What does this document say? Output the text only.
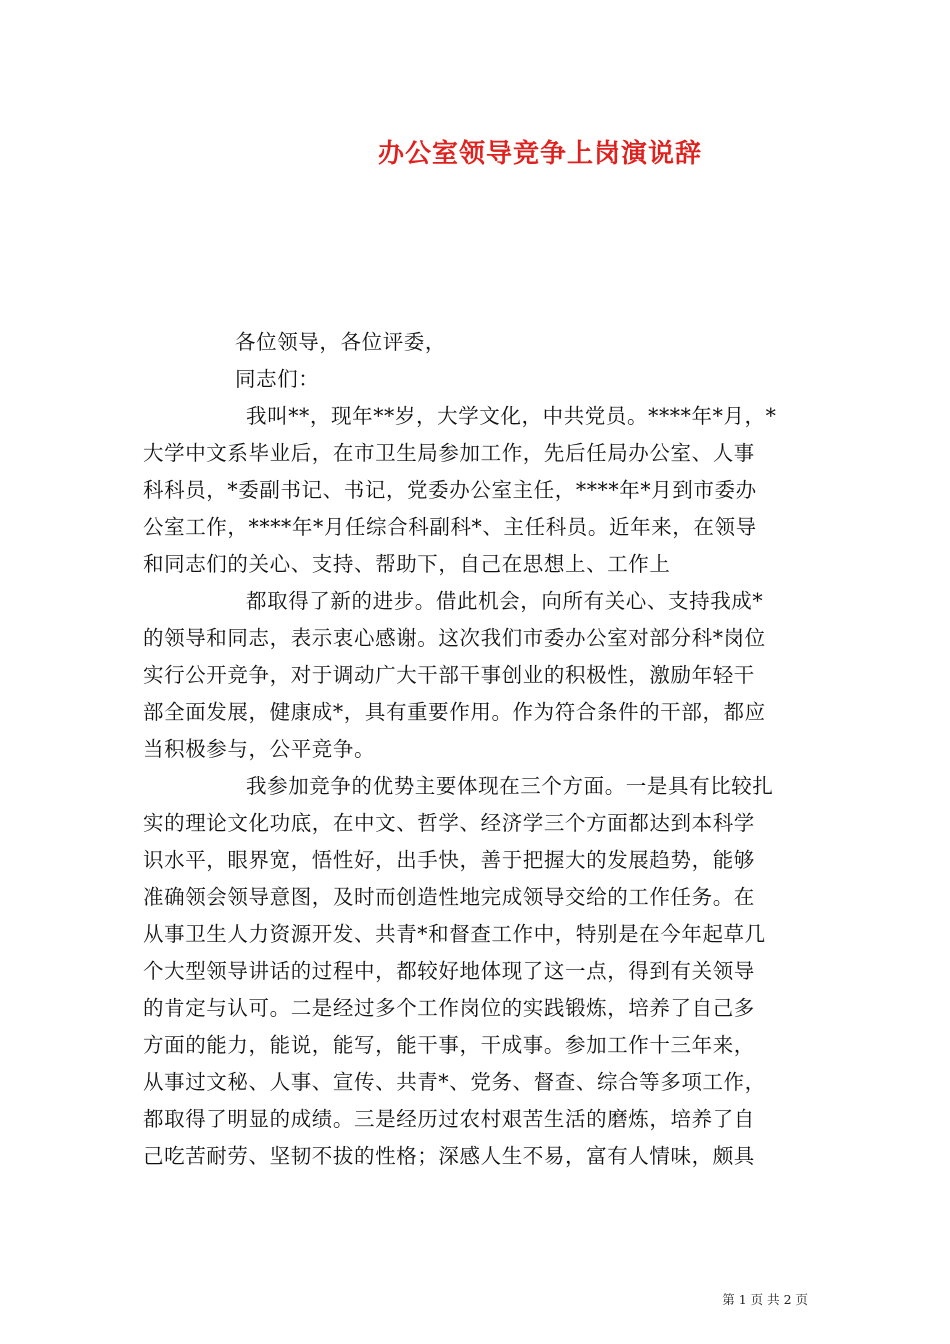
办公室领导竞争上岗演说辞
各位领导，各位评委，
同志们：
我叫**，现年**岁，大学文化，中共党员。****年*月，*
大学中文系毕业后，在市卫生局参加工作，先后任局办公室、人事
科科员，*委副书记、书记，党委办公室主任，****年*月到市委办
公室工作，****年*月任综合科副科*、主任科员。近年来，在领导
和同志们的关心、支持、帮助下，自己在思想上、工作上
都取得了新的进步。借此机会，向所有关心、支持我成*
的领导和同志，表示衷心感谢。这次我们市委办公室对部分科*岗位
实行公开竞争，对于调动广大干部干事创业的积极性，激励年轻干
部全面发展，健康成*，具有重要作用。作为符合条件的干部，都应
当积极参与，公平竞争。
我参加竞争的优势主要体现在三个方面。一是具有比较扎
实的理论文化功底，在中文、哲学、经济学三个方面都达到本科学
识水平，眼界宽，悟性好，出手快，善于把握大的发展趋势，能够
准确领会领导意图，及时而创造性地完成领导交给的工作任务。在
从事卫生人力资源开发、共青*和督查工作中，特别是在今年起草几
个大型领导讲话的过程中，都较好地体现了这一点，得到有关领导
的肯定与认可。二是经过多个工作岗位的实践锻炼，培养了自己多
方面的能力，能说，能写，能干事，干成事。参加工作十三年来，
从事过文秘、人事、宣传、共青*、党务、督查、综合等多项工作，
都取得了明显的成绩。三是经历过农村艰苦生活的磨炼，培养了自
己吃苦耐劳、坚韧不拔的性格；深感人生不易，富有人情味，颇具
第 1 页 共 2 页
